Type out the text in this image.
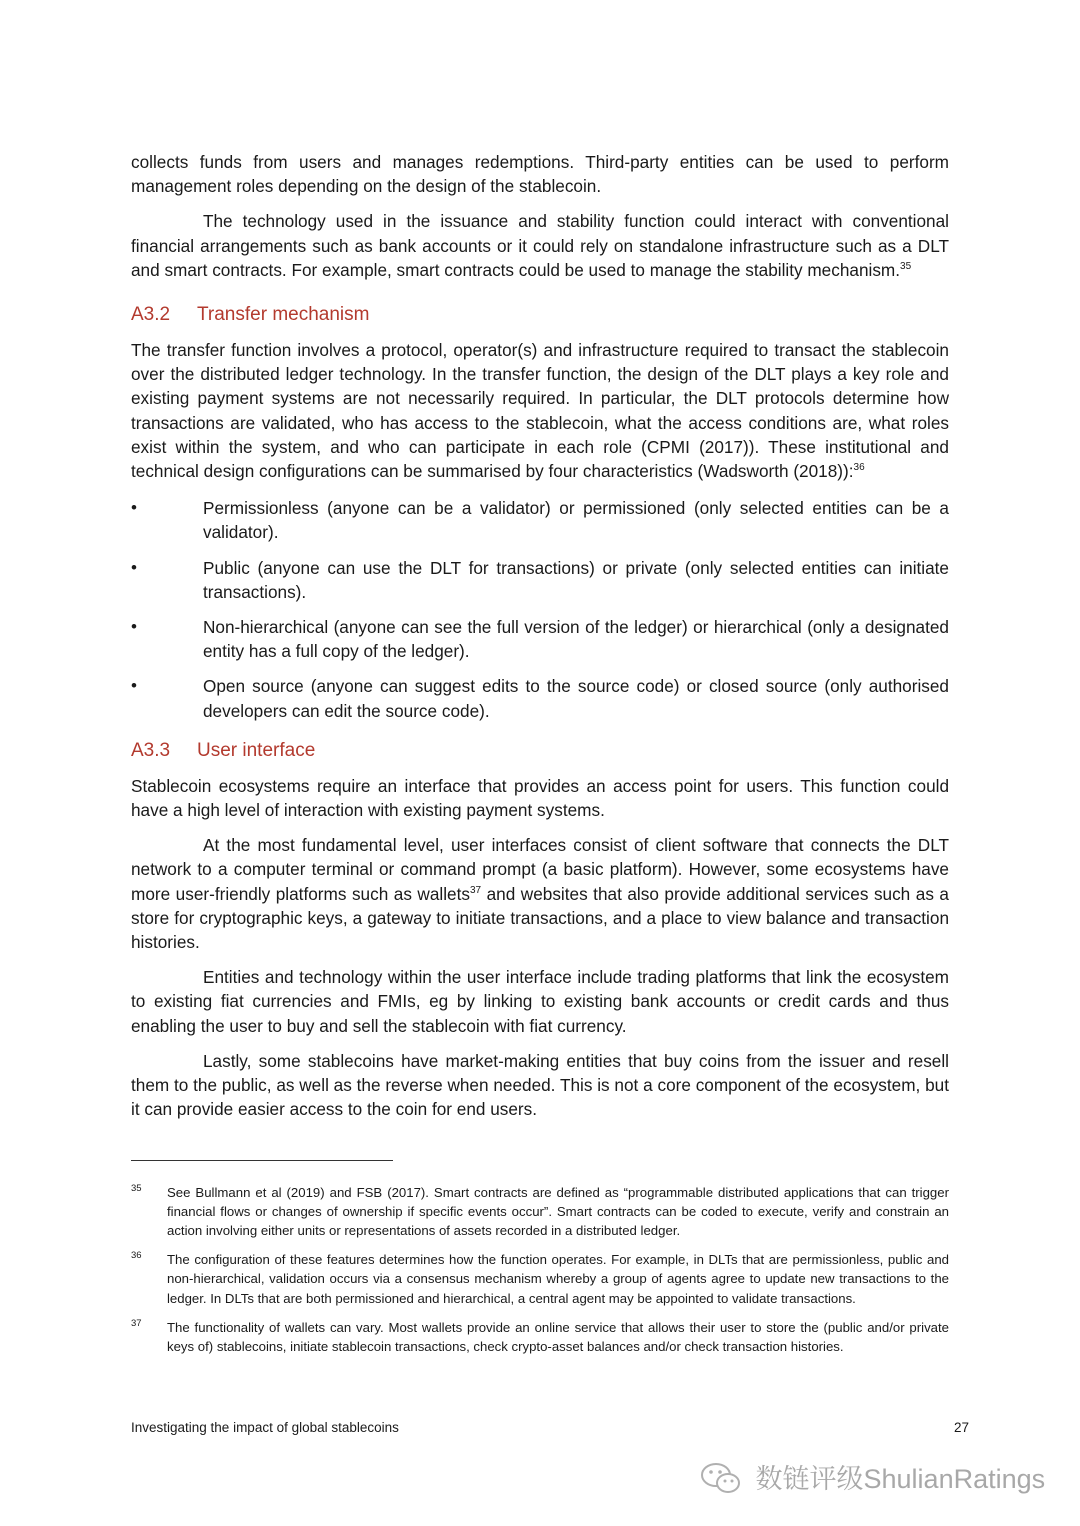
collects funds from users and manages redemptions. Third-party entities can be used to perform management roles depending on the design of the stablecoin.

The technology used in the issuance and stability function could interact with conventional financial arrangements such as bank accounts or it could rely on standalone infrastructure such as a DLT and smart contracts. For example, smart contracts could be used to manage the stability mechanism.$^{35}$

A3.2 Transfer mechanism

The transfer function involves a protocol, operator(s) and infrastructure required to transact the stablecoin over the distributed ledger technology. In the transfer function, the design of the DLT plays a key role and existing payment systems are not necessarily required. In particular, the DLT protocols determine how transactions are validated, who has access to the stablecoin, what the access conditions are, what roles exist within the system, and who can participate in each role (CPMI (2017)). These institutional and technical design configurations can be summarised by four characteristics (Wadsworth (2018)):$^{36}$

•	Permissionless (anyone can be a validator) or permissioned (only selected entities can be a validator).

•	Public (anyone can use the DLT for transactions) or private (only selected entities can initiate transactions).

•	Non-hierarchical (anyone can see the full version of the ledger) or hierarchical (only a designated entity has a full copy of the ledger).

•	Open source (anyone can suggest edits to the source code) or closed source (only authorised developers can edit the source code).

A3.3 User interface

Stablecoin ecosystems require an interface that provides an access point for users. This function could have a high level of interaction with existing payment systems.

At the most fundamental level, user interfaces consist of client software that connects the DLT network to a computer terminal or command prompt (a basic platform). However, some ecosystems have more user-friendly platforms such as wallets$^{37}$ and websites that also provide additional services such as a store for cryptographic keys, a gateway to initiate transactions, and a place to view balance and transaction histories.

Entities and technology within the user interface include trading platforms that link the ecosystem to existing fiat currencies and FMIs, eg by linking to existing bank accounts or credit cards and thus enabling the user to buy and sell the stablecoin with fiat currency.

Lastly, some stablecoins have market-making entities that buy coins from the issuer and resell them to the public, as well as the reverse when needed. This is not a core component of the ecosystem, but it can provide easier access to the coin for end users.

35 See Bullmann et al (2019) and FSB (2017). Smart contracts are defined as “programmable distributed applications that can trigger financial flows or changes of ownership if specific events occur”. Smart contracts can be coded to execute, verify and constrain an action involving either units or representations of assets recorded in a distributed ledger.
36 The configuration of these features determines how the function operates. For example, in DLTs that are permissionless, public and non-hierarchical, validation occurs via a consensus mechanism whereby a group of agents agree to update new transactions to the ledger. In DLTs that are both permissioned and hierarchical, a central agent may be appointed to validate transactions.
37 The functionality of wallets can vary. Most wallets provide an online service that allows their user to store the (public and/or private keys of) stablecoins, initiate stablecoin transactions, check crypto-asset balances and/or check transaction histories.
Investigating the impact of global stablecoins	27
数链评级ShulianRatings
